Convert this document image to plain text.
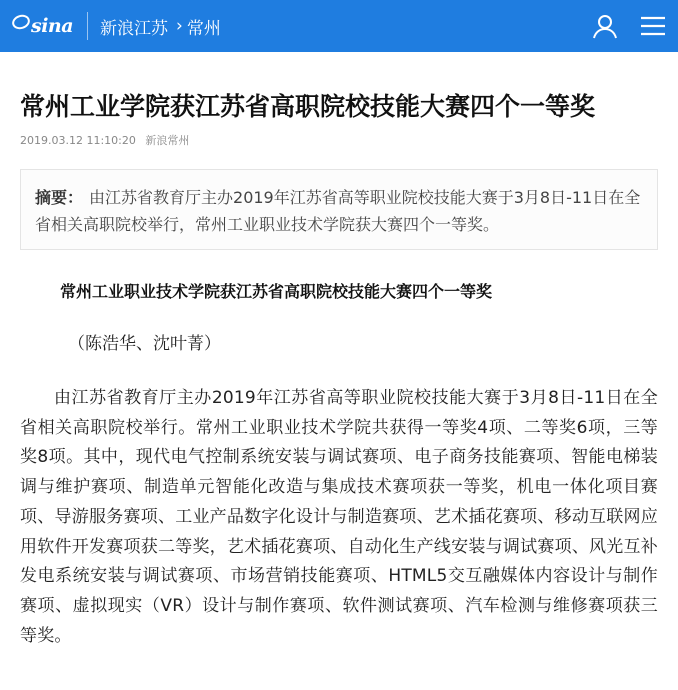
sina 新浪江苏 › 常州
常州工业学院获江苏省高职院校技能大赛四个一等奖
2019.03.12 11:10:20 新浪常州
摘要： 由江苏省教育厅主办2019年江苏省高等职业院校技能大赛于3月8日-11日在全省相关高职院校举行，常州工业职业技术学院获大赛四个一等奖。
常州工业职业技术学院获江苏省高职院校技能大赛四个一等奖
（陈浩华、沈叶菁）
由江苏省教育厅主办2019年江苏省高等职业院校技能大赛于3月8日-11日在全省相关高职院校举行。常州工业职业技术学院共获得一等奖4项、二等奖6项，三等奖8项。其中，现代电气控制系统安装与调试赛项、电子商务技能赛项、智能电梯装调与维护赛项、制造单元智能化改造与集成技术赛项获一等奖，机电一体化项目赛项、导游服务赛项、工业产品数字化设计与制造赛项、艺术插花赛项、移动互联网应用软件开发赛项获二等奖，艺术插花赛项、自动化生产线安装与调试赛项、风光互补发电系统安装与调试赛项、市场营销技能赛项、HTML5交互融媒体内容设计与制作赛项、虚拟现实（VR）设计与制作赛项、软件测试赛项、汽车检测与维修赛项获三等奖。
